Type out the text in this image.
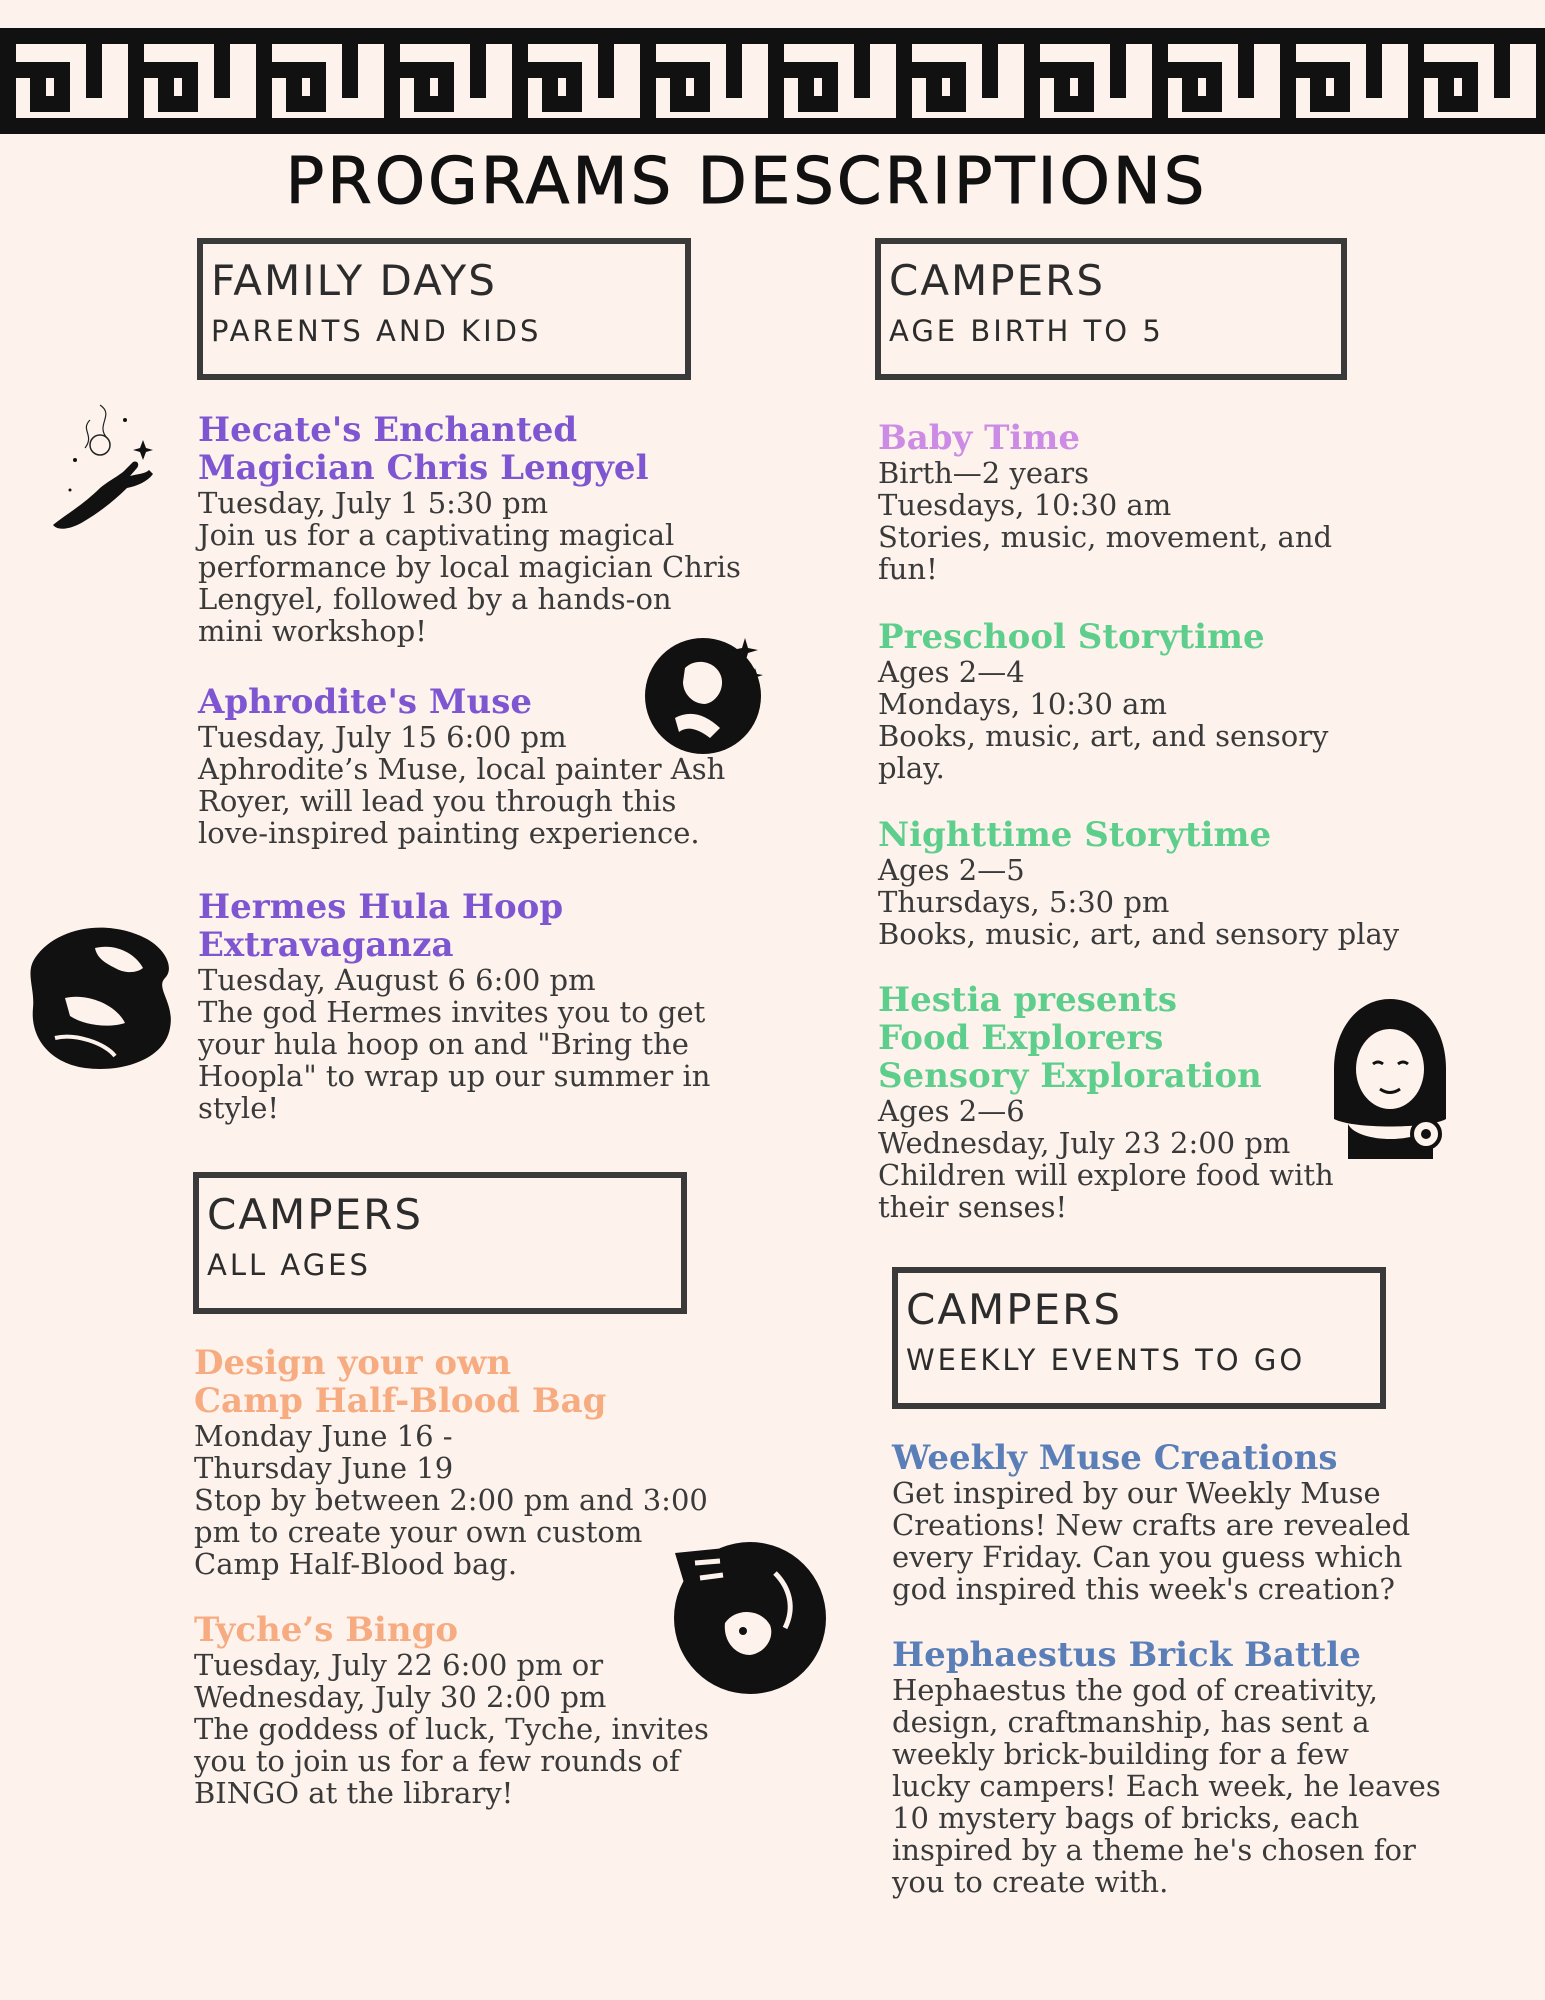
PROGRAMS DESCRIPTIONS
FAMILY DAYS
PARENTS AND KIDS
CAMPERS
AGE BIRTH TO 5
CAMPERS
ALL AGES
CAMPERS
WEEKLY EVENTS TO GO
Hecate's Enchanted
Magician Chris Lengyel
Tuesday, July 1 5:30 pm
Join us for a captivating magical
performance by local magician Chris
Lengyel, followed by a hands-on
mini workshop!
Aphrodite's Muse
Tuesday, July 15 6:00 pm
Aphrodite’s Muse, local painter Ash
Royer, will lead you through this
love-inspired painting experience.
Hermes Hula Hoop
Extravaganza
Tuesday, August 6 6:00 pm
The god Hermes invites you to get
your hula hoop on and "Bring the
Hoopla" to wrap up our summer in
style!
Design your own
Camp Half-Blood Bag
Monday June 16 -
Thursday June 19
Stop by between 2:00 pm and 3:00
pm to create your own custom
Camp Half-Blood bag.
Tyche’s Bingo
Tuesday, July 22 6:00 pm or
Wednesday, July 30 2:00 pm
The goddess of luck, Tyche, invites
you to join us for a few rounds of
BINGO at the library!
Baby Time
Birth—2 years
Tuesdays, 10:30 am
Stories, music, movement, and
fun!
Preschool Storytime
Ages 2—4
Mondays, 10:30 am
Books, music, art, and sensory
play.
Nighttime Storytime
Ages 2—5
Thursdays, 5:30 pm
Books, music, art, and sensory play
Hestia presents
Food Explorers
Sensory Exploration
Ages 2—6
Wednesday, July 23 2:00 pm
Children will explore food with
their senses!
Weekly Muse Creations
Get inspired by our Weekly Muse
Creations! New crafts are revealed
every Friday. Can you guess which
god inspired this week's creation?
Hephaestus Brick Battle
Hephaestus the god of creativity,
design, craftmanship, has sent a
weekly brick-building for a few
lucky campers! Each week, he leaves
10 mystery bags of bricks, each
inspired by a theme he's chosen for
you to create with.
